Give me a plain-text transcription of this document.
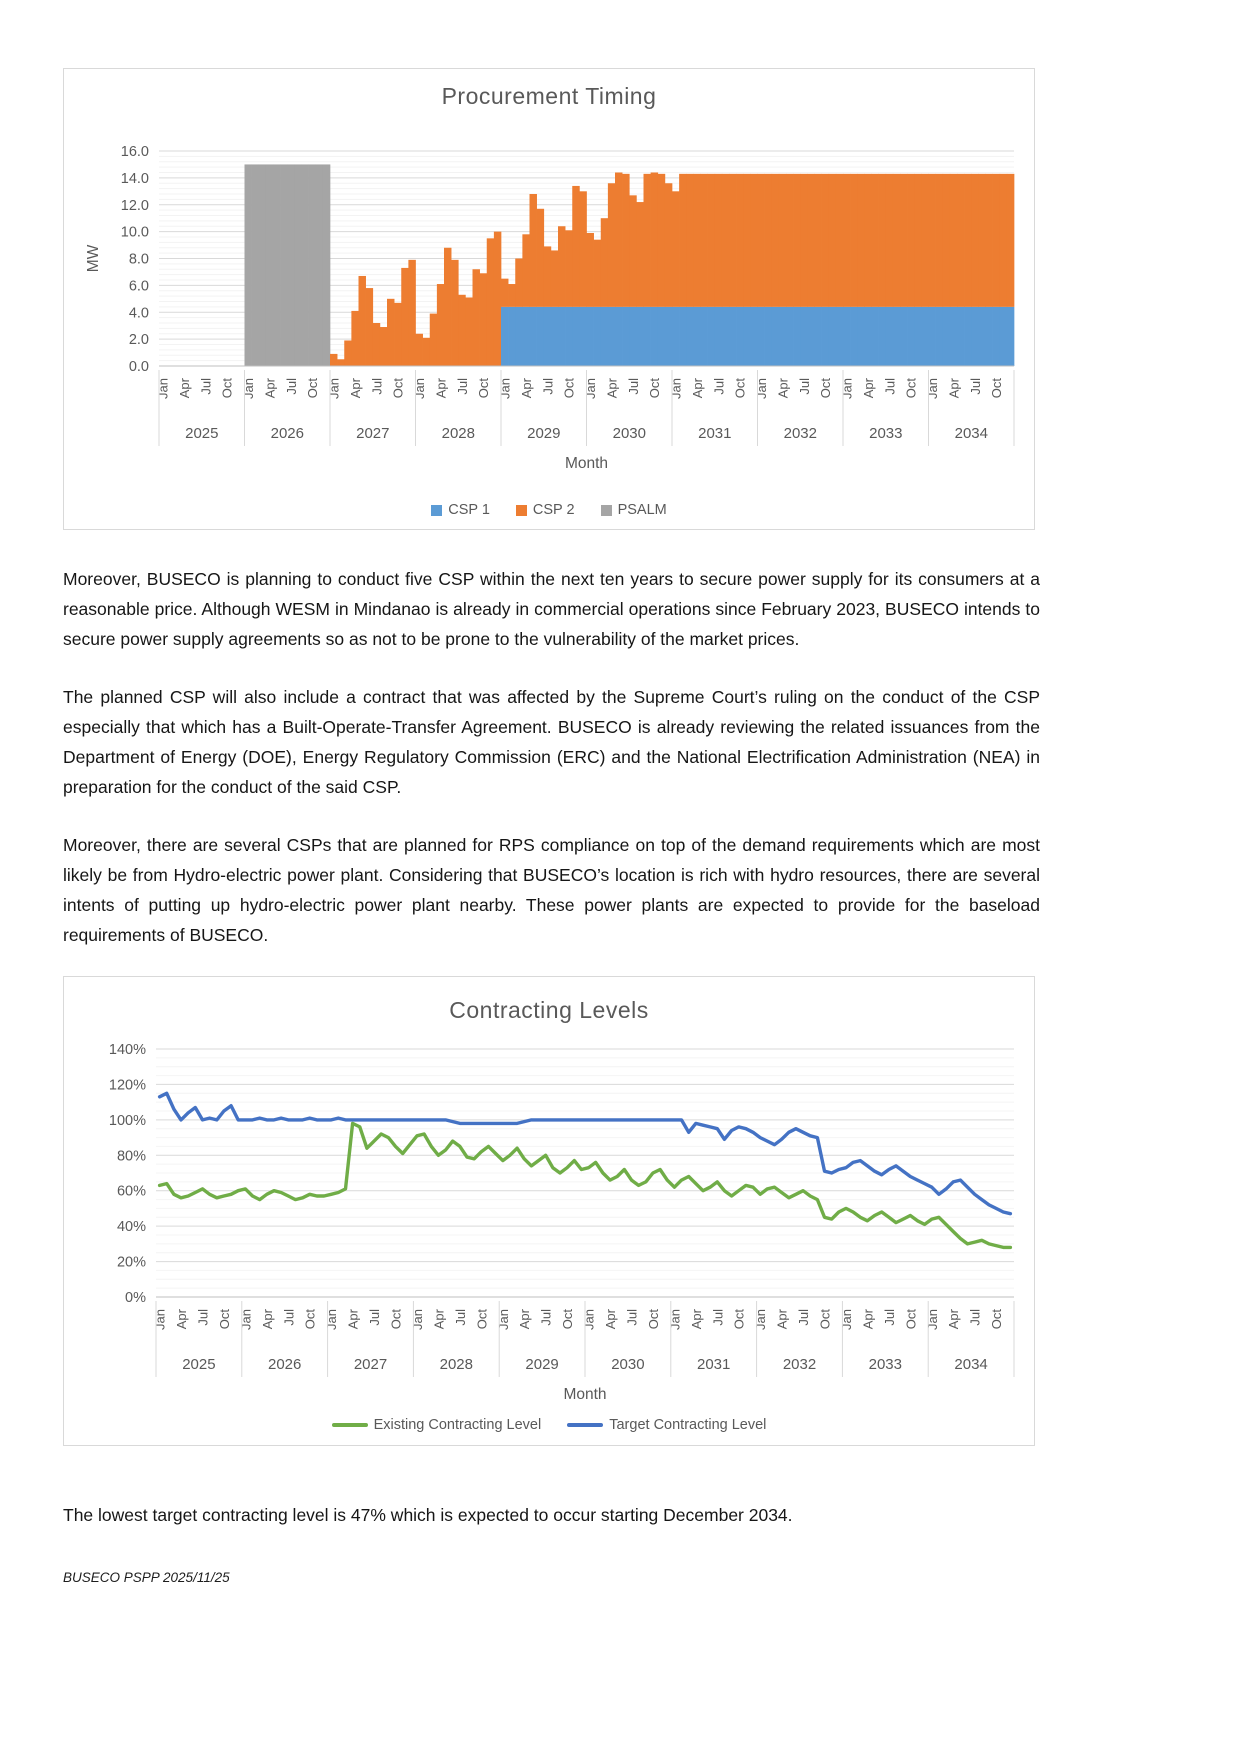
Procurement Timing
0.0
2.0
4.0
6.0
8.0
10.0
12.0
14.0
16.0
MW
Jan Apr Jul Oct
2025
Jan Apr Jul Oct
2026
Jan Apr Jul Oct
2027
Jan Apr Jul Oct
2028
Jan Apr Jul Oct
2029
Jan Apr Jul Oct
2030
Jan Apr Jul Oct
2031
Jan Apr Jul Oct
2032
Jan Apr Jul Oct
2033
Jan Apr Jul Oct
2034
Month
CSP 1	CSP 2	PSALM

Moreover, BUSECO is planning to conduct five CSP within the next ten years to secure power supply for its consumers at a reasonable price. Although WESM in Mindanao is already in commercial operations since February 2023, BUSECO intends to secure power supply agreements so as not to be prone to the vulnerability of the market prices.

The planned CSP will also include a contract that was affected by the Supreme Court’s ruling on the conduct of the CSP especially that which has a Built-Operate-Transfer Agreement. BUSECO is already reviewing the related issuances from the Department of Energy (DOE), Energy Regulatory Commission (ERC) and the National Electrification Administration (NEA) in preparation for the conduct of the said CSP.

Moreover, there are several CSPs that are planned for RPS compliance on top of the demand requirements which are most likely be from Hydro-electric power plant. Considering that BUSECO’s location is rich with hydro resources, there are several intents of putting up hydro-electric power plant nearby. These power plants are expected to provide for the baseload requirements of BUSECO.

Contracting Levels
0%
20%
40%
60%
80%
100%
120%
140%
Jan Apr Jul Oct
2025
Jan Apr Jul Oct
2026
Jan Apr Jul Oct
2027
Jan Apr Jul Oct
2028
Jan Apr Jul Oct
2029
Jan Apr Jul Oct
2030
Jan Apr Jul Oct
2031
Jan Apr Jul Oct
2032
Jan Apr Jul Oct
2033
Jan Apr Jul Oct
2034
Month
Existing Contracting Level	Target Contracting Level

The lowest target contracting level is 47% which is expected to occur starting December 2034.

BUSECO PSPP 2025/11/25
